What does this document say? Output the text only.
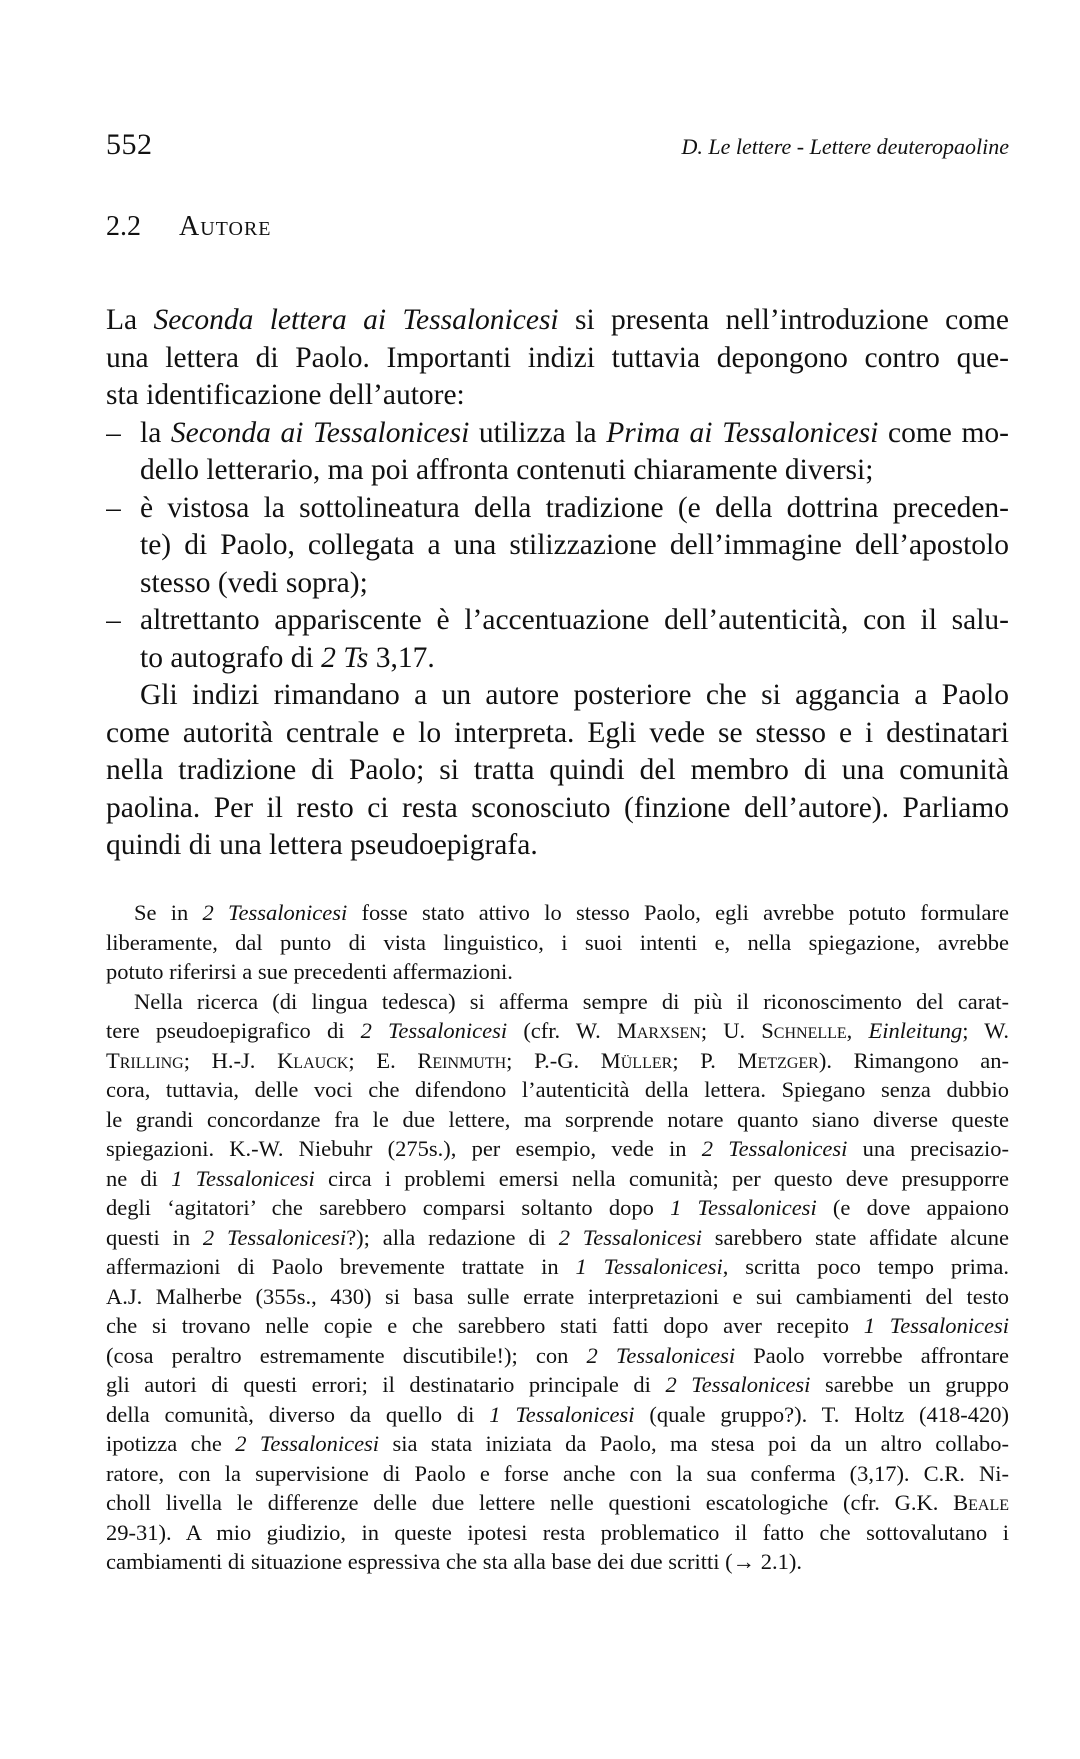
552	D. Le lettere - Lettere deuteropaoline
2.2 Autore
La Seconda lettera ai Tessalonicesi si presenta nell’introduzione come
una lettera di Paolo. Importanti indizi tuttavia depongono contro que-
sta identificazione dell’autore:
– la Seconda ai Tessalonicesi utilizza la Prima ai Tessalonicesi come mo-
dello letterario, ma poi affronta contenuti chiaramente diversi;
– è vistosa la sottolineatura della tradizione (e della dottrina preceden-
te) di Paolo, collegata a una stilizzazione dell’immagine dell’apostolo
stesso (vedi sopra);
– altrettanto appariscente è l’accentuazione dell’autenticità, con il salu-
to autografo di 2 Ts 3,17.
Gli indizi rimandano a un autore posteriore che si aggancia a Paolo
come autorità centrale e lo interpreta. Egli vede se stesso e i destinatari
nella tradizione di Paolo; si tratta quindi del membro di una comunità
paolina. Per il resto ci resta sconosciuto (finzione dell’autore). Parliamo
quindi di una lettera pseudoepigrafa.
Se in 2 Tessalonicesi fosse stato attivo lo stesso Paolo, egli avrebbe potuto formulare
liberamente, dal punto di vista linguistico, i suoi intenti e, nella spiegazione, avrebbe
potuto riferirsi a sue precedenti affermazioni.
Nella ricerca (di lingua tedesca) si afferma sempre di più il riconoscimento del carat-
tere pseudoepigrafico di 2 Tessalonicesi (cfr. W. Marxsen; U. Schnelle, Einleitung; W.
Trilling; H.-J. Klauck; E. Reinmuth; P.-G. Müller; P. Metzger). Rimangono an-
cora, tuttavia, delle voci che difendono l’autenticità della lettera. Spiegano senza dubbio
le grandi concordanze fra le due lettere, ma sorprende notare quanto siano diverse queste
spiegazioni. K.-W. Niebuhr (275s.), per esempio, vede in 2 Tessalonicesi una precisazio-
ne di 1 Tessalonicesi circa i problemi emersi nella comunità; per questo deve presupporre
degli ‘agitatori’ che sarebbero comparsi soltanto dopo 1 Tessalonicesi (e dove appaiono
questi in 2 Tessalonicesi?); alla redazione di 2 Tessalonicesi sarebbero state affidate alcune
affermazioni di Paolo brevemente trattate in 1 Tessalonicesi, scritta poco tempo prima.
A.J. Malherbe (355s., 430) si basa sulle errate interpretazioni e sui cambiamenti del testo
che si trovano nelle copie e che sarebbero stati fatti dopo aver recepito 1 Tessalonicesi
(cosa peraltro estremamente discutibile!); con 2 Tessalonicesi Paolo vorrebbe affrontare
gli autori di questi errori; il destinatario principale di 2 Tessalonicesi sarebbe un gruppo
della comunità, diverso da quello di 1 Tessalonicesi (quale gruppo?). T. Holtz (418-420)
ipotizza che 2 Tessalonicesi sia stata iniziata da Paolo, ma stesa poi da un altro collabo-
ratore, con la supervisione di Paolo e forse anche con la sua conferma (3,17). C.R. Ni-
choll livella le differenze delle due lettere nelle questioni escatologiche (cfr. G.K. Beale
29-31). A mio giudizio, in queste ipotesi resta problematico il fatto che sottovalutano i
cambiamenti di situazione espressiva che sta alla base dei due scritti (→ 2.1).
